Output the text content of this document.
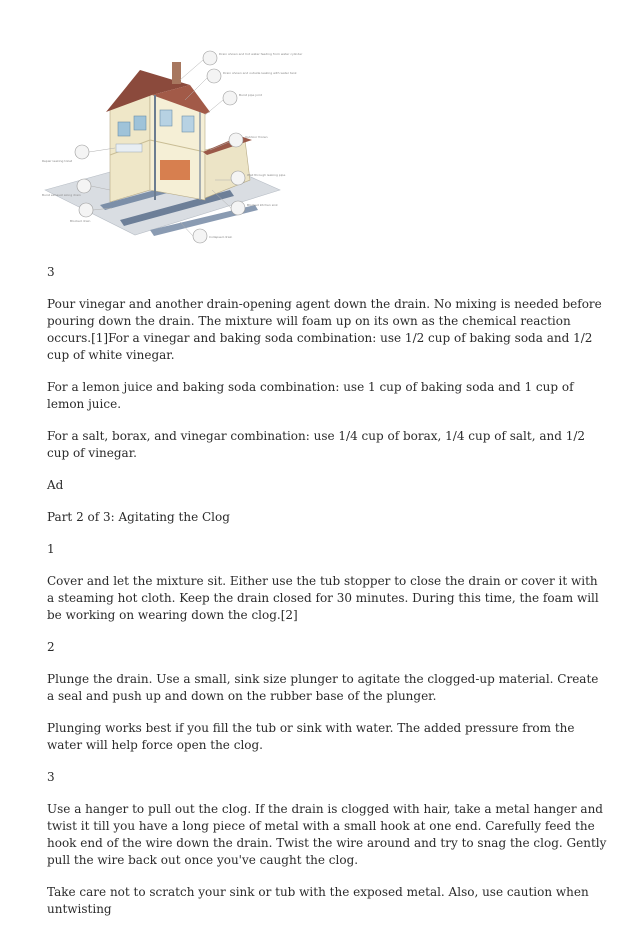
Drain shown and hot water feeding from water cylinder
Drain shown and outside leaking with water tank
Burst pipe joint
Outdoor frozen
Wall through leaking pipe
Blocked kitchen sink
Collapsed drain
Repair leaking toilet
Burst exhaust along drain
Blocked drain

3

Pour vinegar and another drain-opening agent down the drain. No mixing is needed before pouring down the drain. The mixture will foam up on its own as the chemical reaction occurs.[1]For a vinegar and baking soda combination: use 1/2 cup of baking soda and 1/2 cup of white vinegar.

For a lemon juice and baking soda combination: use 1 cup of baking soda and 1 cup of lemon juice.

For a salt, borax, and vinegar combination: use 1/4 cup of borax, 1/4 cup of salt, and 1/2 cup of vinegar.

Ad

Part 2 of 3: Agitating the Clog

1

Cover and let the mixture sit. Either use the tub stopper to close the drain or cover it with a steaming hot cloth. Keep the drain closed for 30 minutes. During this time, the foam will be working on wearing down the clog.[2]

2

Plunge the drain. Use a small, sink size plunger to agitate the clogged-up material. Create a seal and push up and down on the rubber base of the plunger.

Plunging works best if you fill the tub or sink with water. The added pressure from the water will help force open the clog.

3

Use a hanger to pull out the clog. If the drain is clogged with hair, take a metal hanger and twist it till you have a long piece of metal with a small hook at one end. Carefully feed the hook end of the wire down the drain. Twist the wire around and try to snag the clog. Gently pull the wire back out once you've caught the clog.

Take care not to scratch your sink or tub with the exposed metal. Also, use caution when untwisting
